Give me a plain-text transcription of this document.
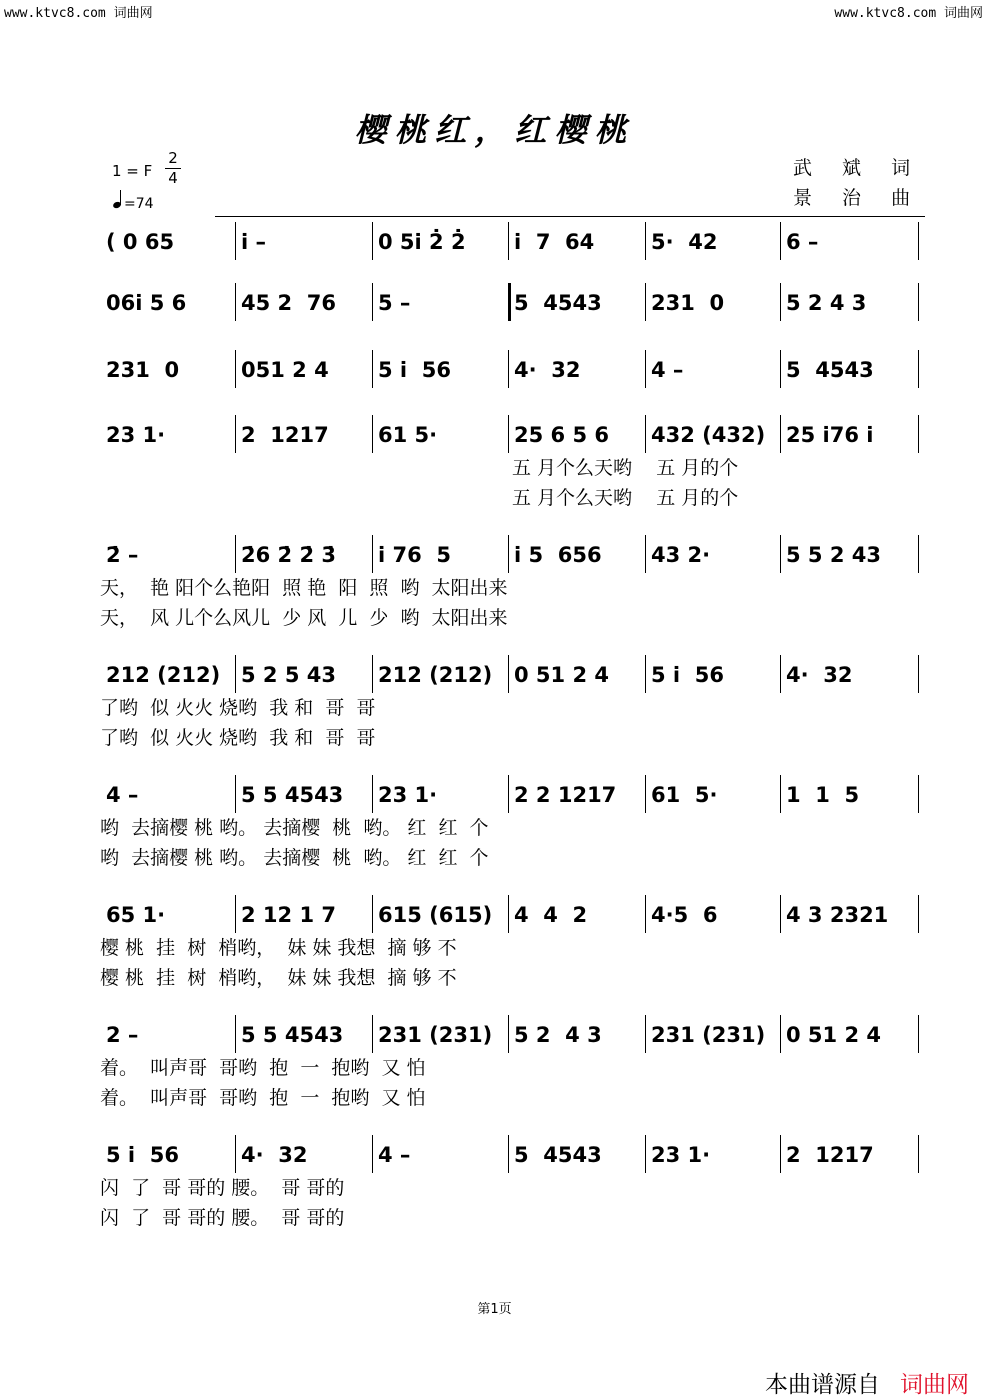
www.ktvc8.com 词曲网	www.ktvc8.com 词曲网
樱桃红，红樱桃
1 = F
2
4
=74
武 斌 词
景 治 曲
( 0 65	i̇ –	0 5i̇ 2̇ 2̇ i̇  7  64	5·  42	6 –
06i̇ 5 6	45 2  76 5 –	5  4543 231  0	5 2 4 3
231  0	051 2 4 5 i̇  56	4·  32	4 –	5  4543
23 1·	2  1217 61 5·	25 6 5 6 432 (432) 25 i̇76 i̇
五 月个么天哟    五 月的个
五 月个么天哟    五 月的个
2̇ –	2̇6 2̇ 2̇ 3̇ i̇ 76  5	i̇ 5  656 43 2·	5 5 2 43
天，  艳 阳个么艳阳  照 艳  阳  照  哟  太阳出来
天，  风 儿个么风儿  少 风  儿  少  哟  太阳出来
212 (212) 5 2 5 43 212 (212) 0 51 2 4 5 i̇  56	4·  32
了哟  似 火火 烧哟  我 和  哥  哥
了哟  似 火火 烧哟  我 和  哥  哥
4 –	5 5 4543 23 1·	2 2 1217 61  5·	1  1  5
哟  去摘樱 桃 哟。 去摘樱  桃  哟。 红  红  个
哟  去摘樱 桃 哟。 去摘樱  桃  哟。 红  红  个
65 1·	2 12 1 7 615 (615) 4  4  2	4·5  6	4 3 2321
樱 桃  挂  树  梢哟，  妹 妹 我想  摘 够 不
樱 桃  挂  树  梢哟，  妹 妹 我想  摘 够 不
2 –	5 5 4543 231 (231) 5 2  4 3 231 (231) 0 51 2 4
着。  叫声哥  哥哟  抱  一  抱哟  又 怕
着。  叫声哥  哥哟  抱  一  抱哟  又 怕
5 i̇  56	4·  32	4 –	5  4543 23 1·	2  1217
闪  了  哥 哥的 腰。  哥 哥的
闪  了  哥 哥的 腰。  哥 哥的
第1页
本曲谱源自 词曲网
